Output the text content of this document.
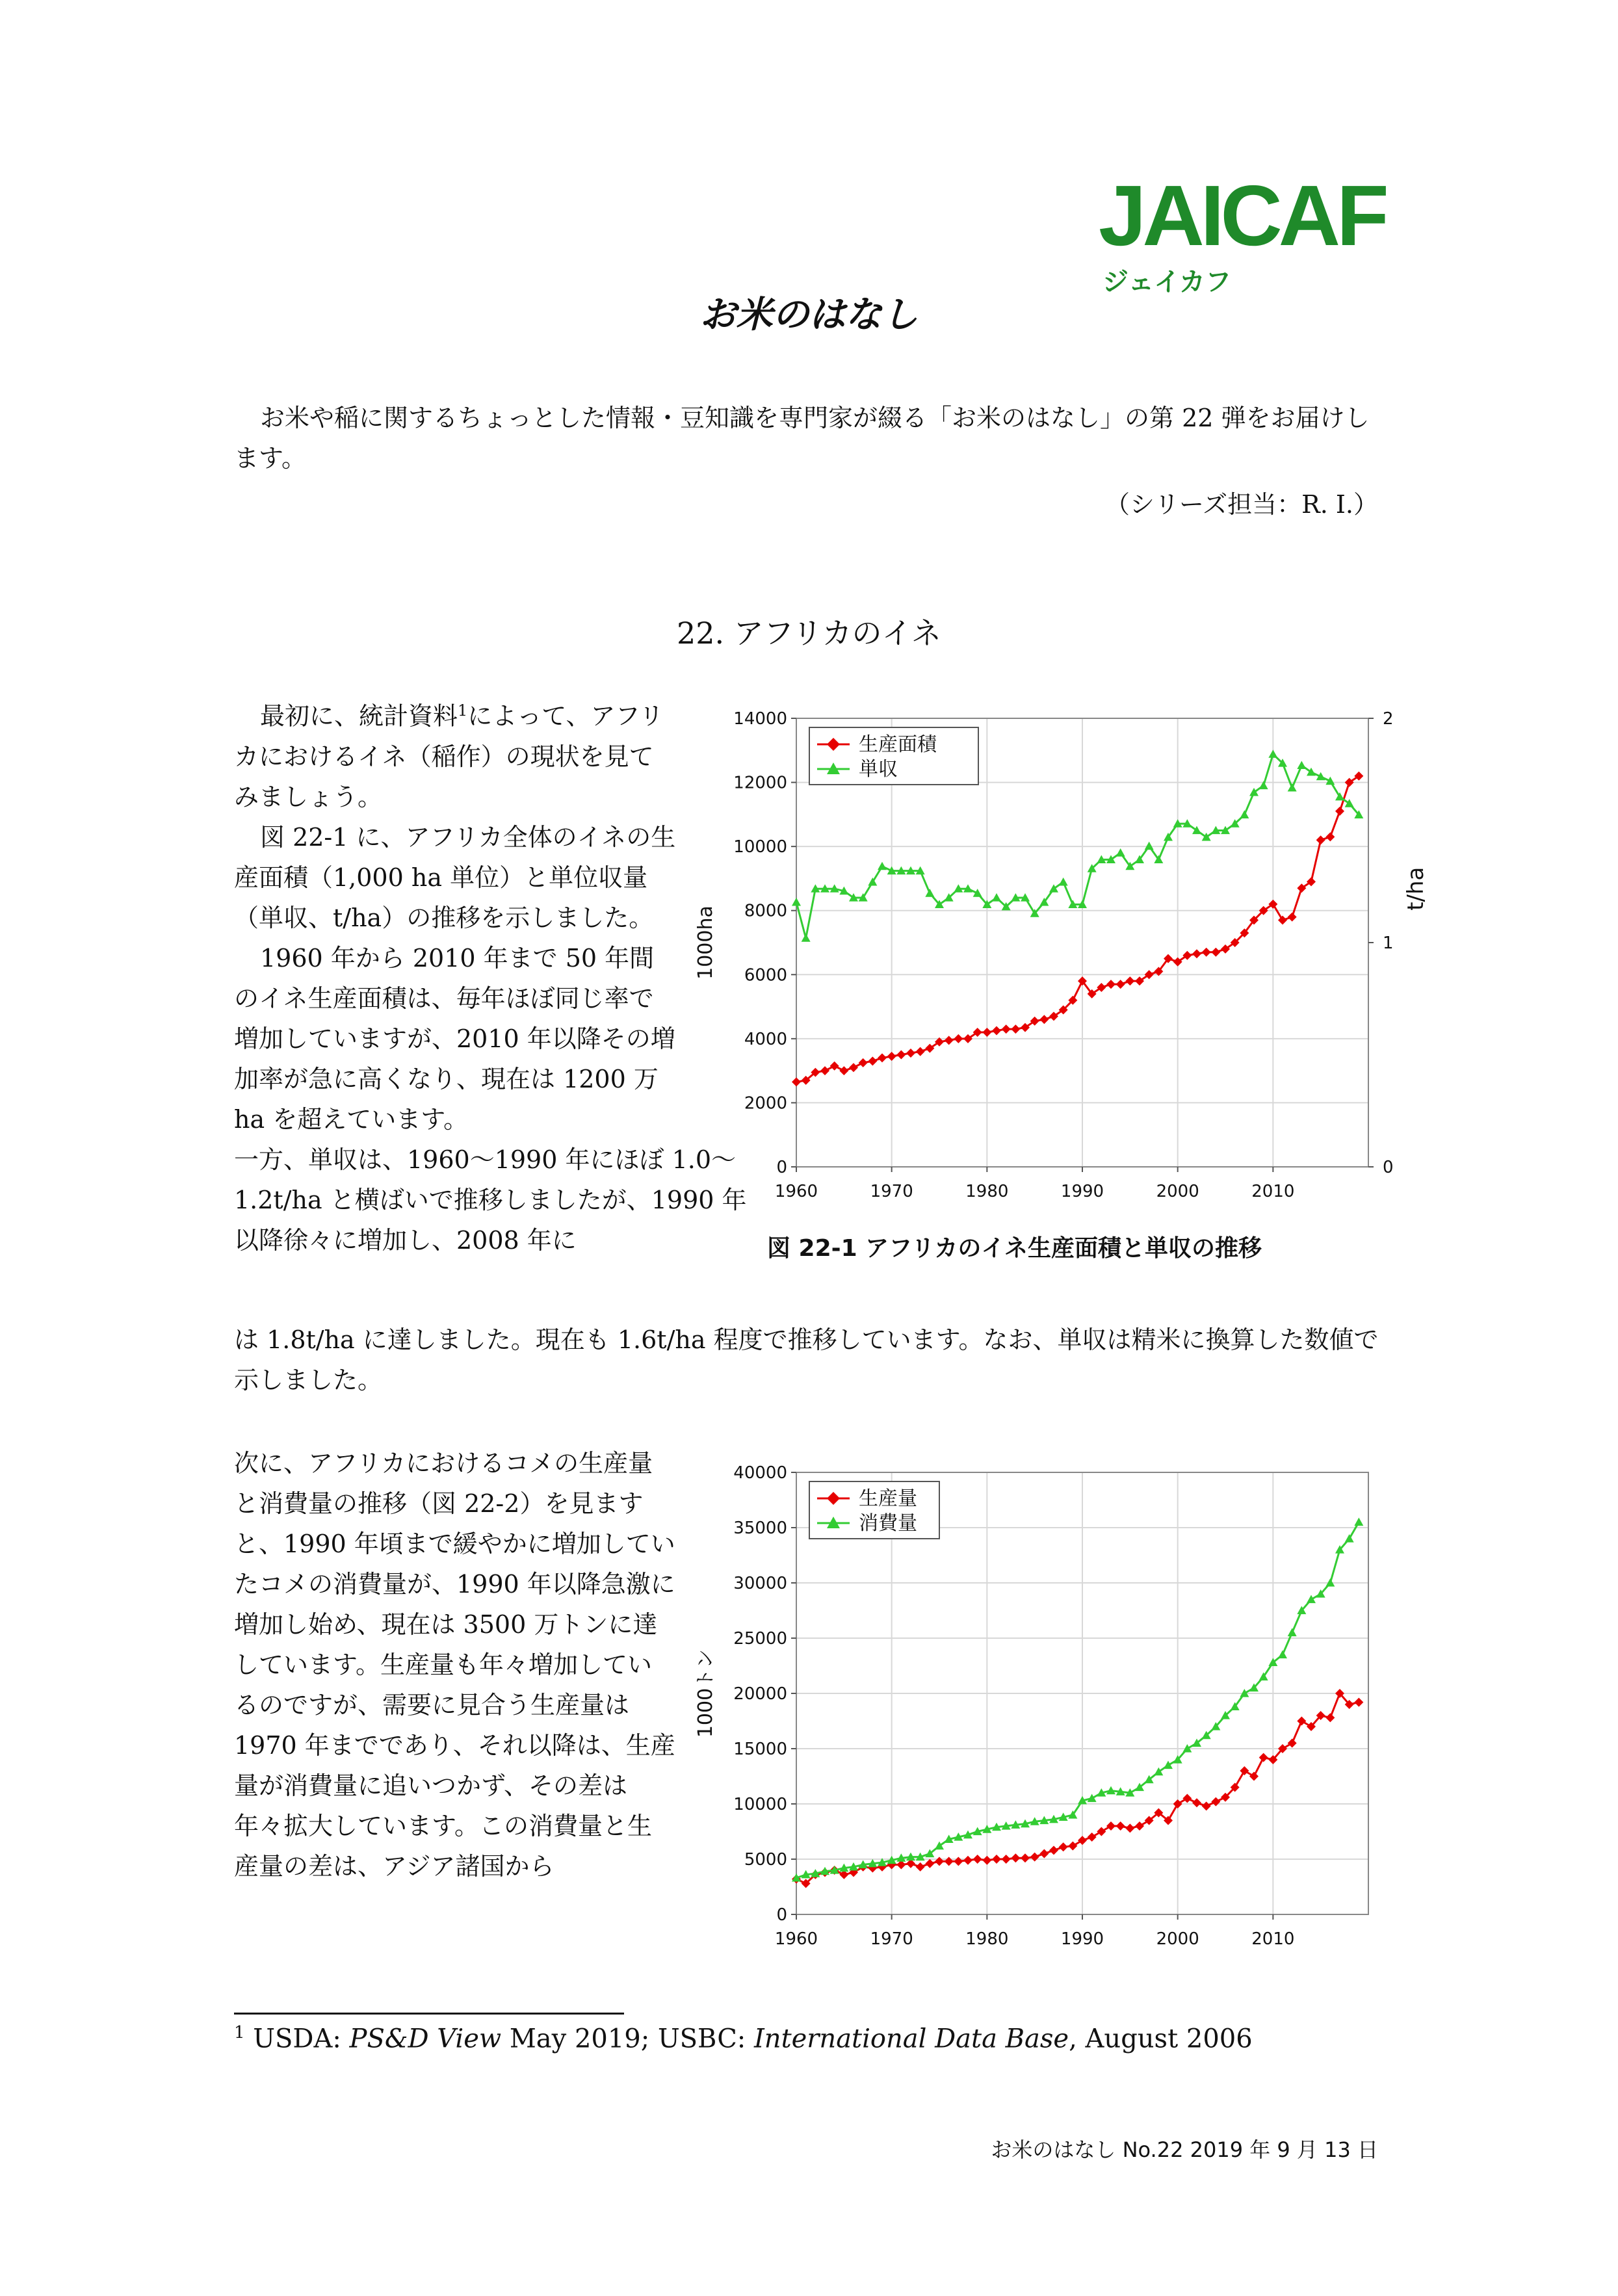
JAICAFジェイカフ
お米のはなし
お米や稲に関するちょっとした情報・豆知識を専門家が綴る「お米のはなし」の第 22 弾をお届けします。
（シリーズ担当：R. I.）
22. アフリカのイネ

最初に、統計資料$^1$によって、アフリカにおけるイネ（稲作）の現状を見てみましょう。

図 22-1 に、アフリカ全体のイネの生産面積（1,000 ha 単位）と単位収量（単収、t/ha）の推移を示しました。

1960 年から 2010 年まで 50 年間のイネ生産面積は、毎年ほぼ同じ率で増加していますが、2010 年以降その増加率が急に高くなり、現在は 1200 万 ha を超えています。

一方、単収は、1960〜1990 年にほぼ 1.0〜1.2t/ha と横ばいで推移しましたが、1990 年以降徐々に増加し、2008 年に

は 1.8t/ha に達しました。現在も 1.6t/ha 程度で推移しています。なお、単収は精米に換算した数値で示しました。
0
2000
4000
6000
8000
10000
12000
14000
1960	1970	1980	1990	2000	2010
1000ha
0
1
2
t/ha
生産面積
単収
図 22-1 アフリカのイネ生産面積と単収の推移
次に、アフリカにおけるコメの生産量と消費量の推移（図 22-2）を見ますと、1990 年頃まで緩やかに増加していたコメの消費量が、1990 年以降急激に増加し始め、現在は 3500 万トンに達しています。生産量も年々増加しているのですが、需要に見合う生産量は 1970 年までであり、それ以降は、生産量が消費量に追いつかず、その差は年々拡大しています。この消費量と生産量の差は、アジア諸国から
0
5000
10000
15000
20000
25000
30000
35000
40000
1960	1970	1980	1990	2000	2010
1000トン
生産量
消費量
$^1$ USDA: PS&D View May 2019; USBC: International Data Base, August 2006
お米のはなし No.22 2019 年 9 月 13 日
